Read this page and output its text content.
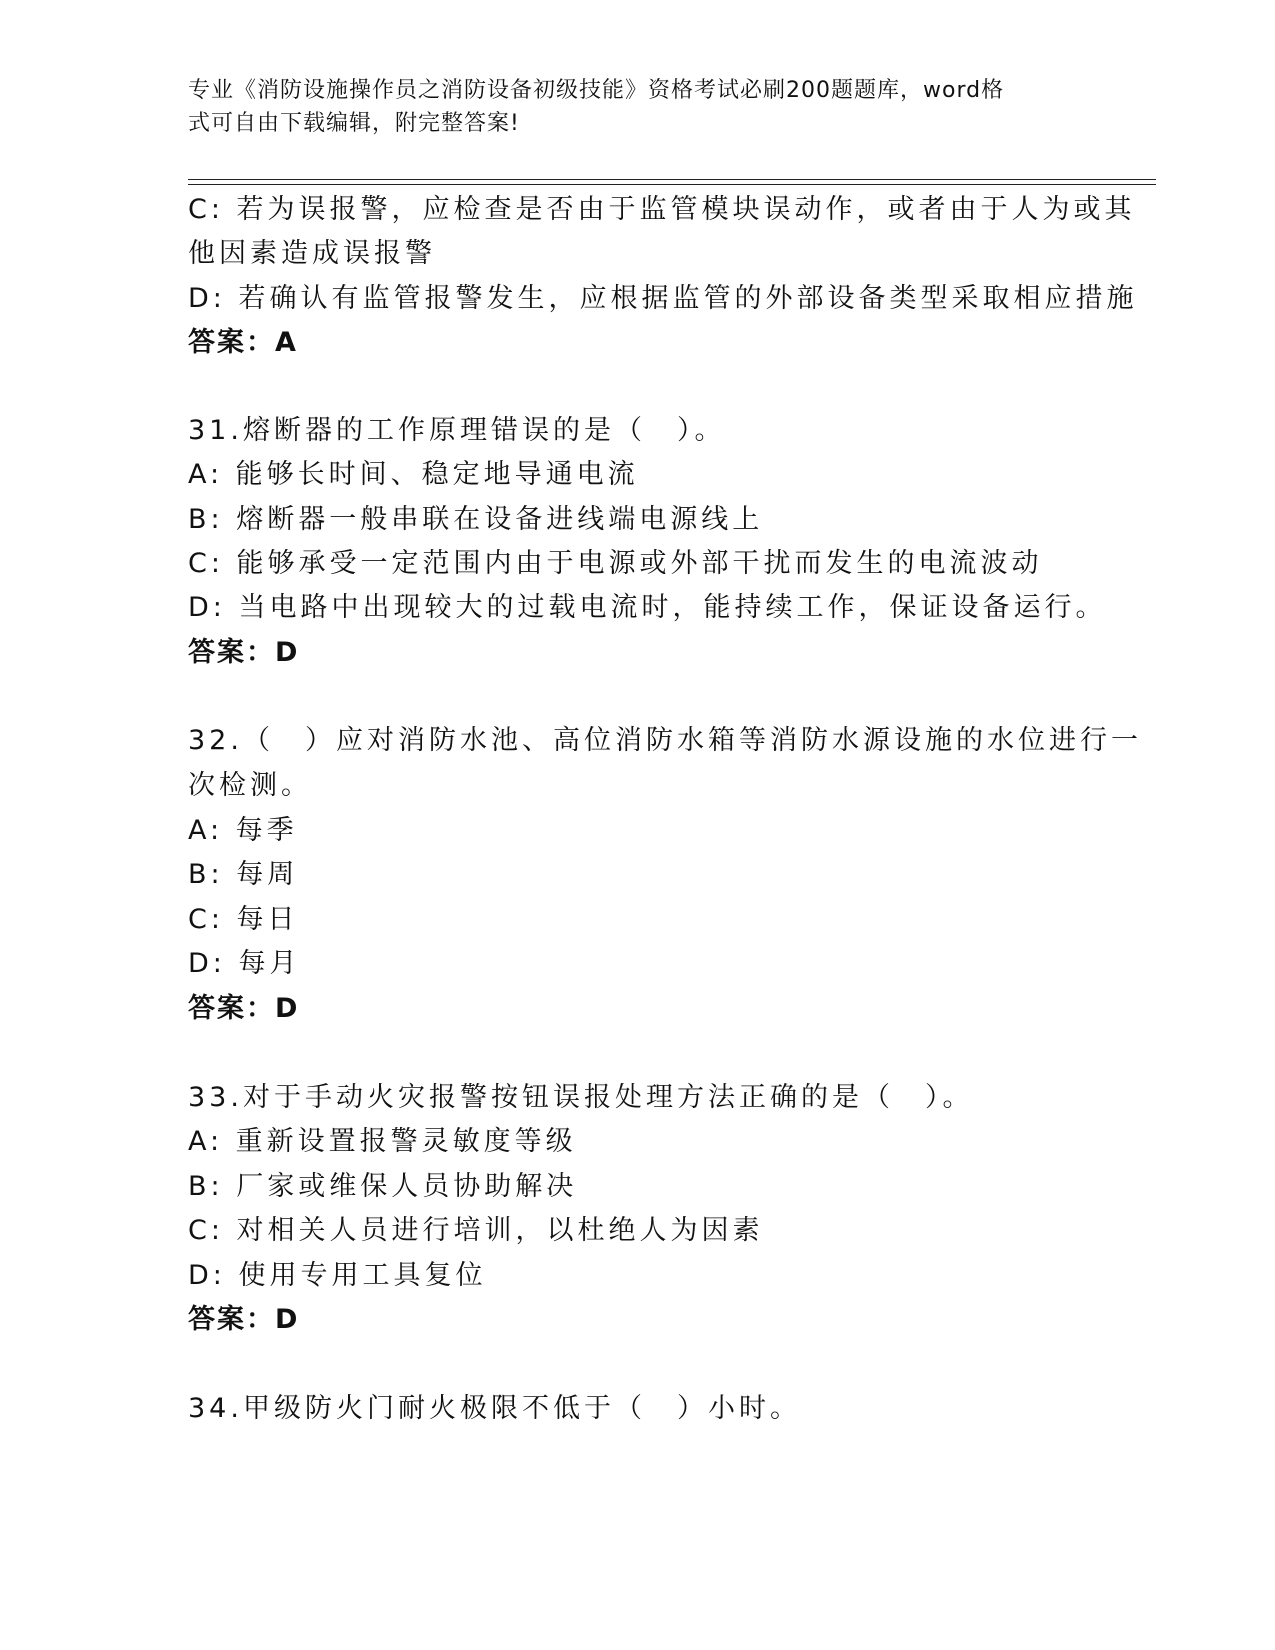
专业《消防设施操作员之消防设备初级技能》资格考试必刷200题题库，word格
式可自由下载编辑，附完整答案!
C: 若为误报警，应检查是否由于监管模块误动作，或者由于人为或其
他因素造成误报警
D: 若确认有监管报警发生，应根据监管的外部设备类型采取相应措施
答案：A
31.熔断器的工作原理错误的是（　）。
A: 能够长时间、稳定地导通电流
B: 熔断器一般串联在设备进线端电源线上
C: 能够承受一定范围内由于电源或外部干扰而发生的电流波动
D: 当电路中出现较大的过载电流时，能持续工作，保证设备运行。
答案：D
32.（　）应对消防水池、高位消防水箱等消防水源设施的水位进行一
次检测。
A: 每季
B: 每周
C: 每日
D: 每月
答案：D
33.对于手动火灾报警按钮误报处理方法正确的是（　）。
A: 重新设置报警灵敏度等级
B: 厂家或维保人员协助解决
C: 对相关人员进行培训，以杜绝人为因素
D: 使用专用工具复位
答案：D
34.甲级防火门耐火极限不低于（　）小时。
